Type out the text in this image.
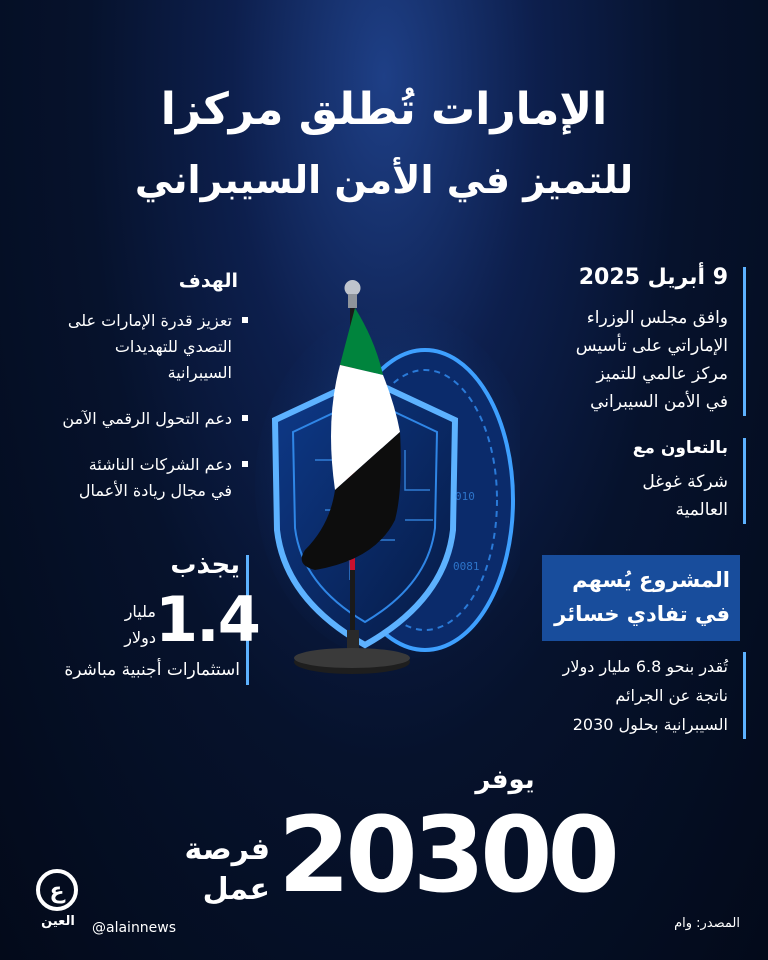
الإمارات تُطلق مركزا
للتميز في الأمن السيبراني
010
0081
9 أبريل 2025
وافق مجلس الوزراء
الإماراتي على تأسيس
مركز عالمي للتميز
في الأمن السيبراني
بالتعاون مع
شركة غوغل
العالمية
المشروع يُسهم
في تفادي خسائر
تُقدر بنحو 6.8 مليار دولار
ناتجة عن الجرائم
السيبرانية بحلول 2030
الهدف
تعزيز قدرة الإمارات على
التصدي للتهديدات
السيبرانية
دعم التحول الرقمي الآمن
دعم الشركات الناشئة
في مجال ريادة الأعمال
يجذب
1.4
مليار
دولار
استثمارات أجنبية مباشرة
يوفر
20300
فرصة
عمل
ع
العين	@alainnews	المصدر: وام
